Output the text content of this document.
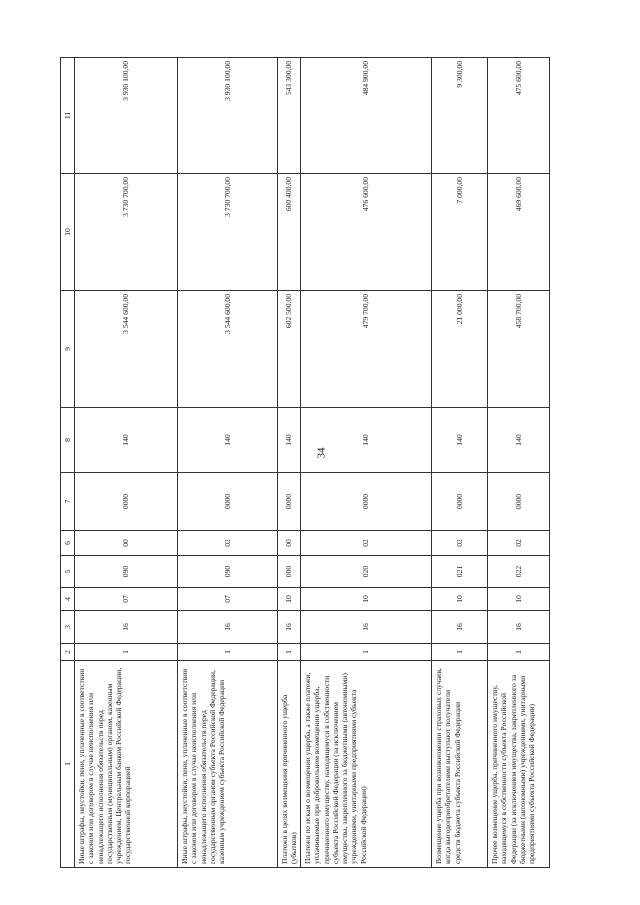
34
1	2	3	4	5	6	7	8	9	10	11
Иные штрафы, неустойки, пени, уплаченные в соответствии с законом или договором в случае неисполнения или ненадлежащего исполнения обязательств перед государственным (муниципальным) органом, казенным учреждением, Центральным банком Российской Федерации, государственной корпорацией	1	16	07	090	00	0000	140	3 544 600,00	3 730 700,00	3 930 100,00
Иные штрафы, неустойки, пени, уплаченные в соответствии с законом или договором в случае неисполнения или ненадлежащего исполнения обязательств перед государственным органом субъекта Российской Федерации, казенным учреждением субъекта Российской Федерации	1	16	07	090	02	0000	140	3 544 600,00	3 730 700,00	3 930 100,00
Платежи в целях возмещения причиненного ущерба (убытков)	1	16	10	000	00	0000	140	602 500,00	600 400,00	543 300,00
Платежи по искам о возмещении ущерба, а также платежи, уплачиваемые при добровольном возмещении ущерба, причиненного имуществу, находящемуся в собственности субъекта Российской Федерации (за исключением имущества, закрепленного за бюджетными (автономными) учреждениями, унитарными предприятиями субъекта Российской Федерации)	1	16	10	020	02	0000	140	479 700,00	476 600,00	484 900,00
Возмещение ущерба при возникновении страховых случаев, когда выгодоприобретателями выступают получатели средств бюджета субъекта Российской Федерации	1	16	10	021	02	0000	140	21 000,00	7 000,00	9 300,00
Прочее возмещение ущерба, причиненного имуществу, находящемуся в собственности субъекта Российской Федерации (за исключением имущества, закрепленного за бюджетными (автономными) учреждениями, унитарными предприятиями субъекта Российской Федерации)	1	16	10	022	02	0000	140	458 700,00	469 600,00	475 600,00
